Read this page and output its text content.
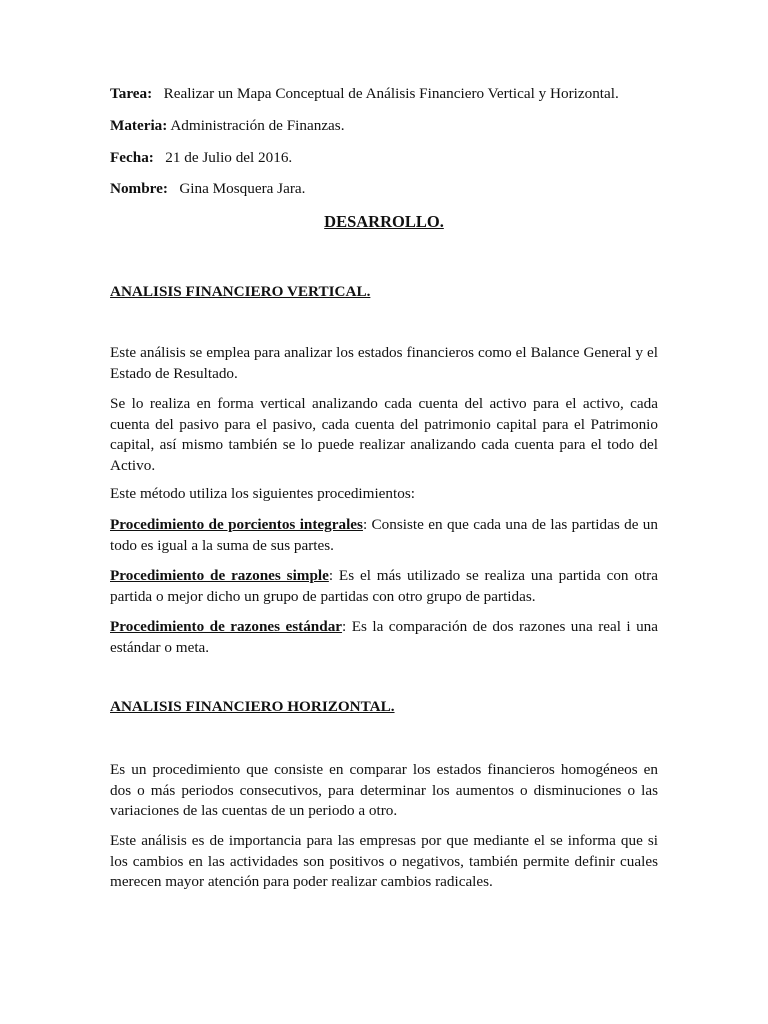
Tarea: Realizar un Mapa Conceptual de Análisis Financiero Vertical y Horizontal.
Materia: Administración de Finanzas.
Fecha: 21 de Julio del 2016.
Nombre: Gina Mosquera Jara.
DESARROLLO.
ANALISIS FINANCIERO VERTICAL.
Este análisis se emplea para analizar los estados financieros como el Balance General y el Estado de Resultado.
Se lo realiza en forma vertical analizando cada cuenta del activo para el activo, cada cuenta del pasivo para el pasivo, cada cuenta del patrimonio capital para el Patrimonio capital, así mismo también se lo puede realizar analizando cada cuenta para el todo del Activo.
Este método utiliza los siguientes procedimientos:
Procedimiento de porcientos integrales: Consiste en que cada una de las partidas de un todo es igual a la suma de sus partes.
Procedimiento de razones simple: Es el más utilizado se realiza una partida con otra partida o mejor dicho un grupo de partidas con otro grupo de partidas.
Procedimiento de razones estándar: Es la comparación de dos razones una real i una estándar o meta.
ANALISIS FINANCIERO HORIZONTAL.
Es un procedimiento que consiste en comparar los estados financieros homogéneos en dos o más periodos consecutivos, para determinar los aumentos o disminuciones o las variaciones de las cuentas de un periodo a otro.
Este análisis es de importancia para las empresas por que mediante el se informa que si los cambios en las actividades son positivos o negativos, también permite definir cuales merecen mayor atención para poder realizar cambios radicales.
